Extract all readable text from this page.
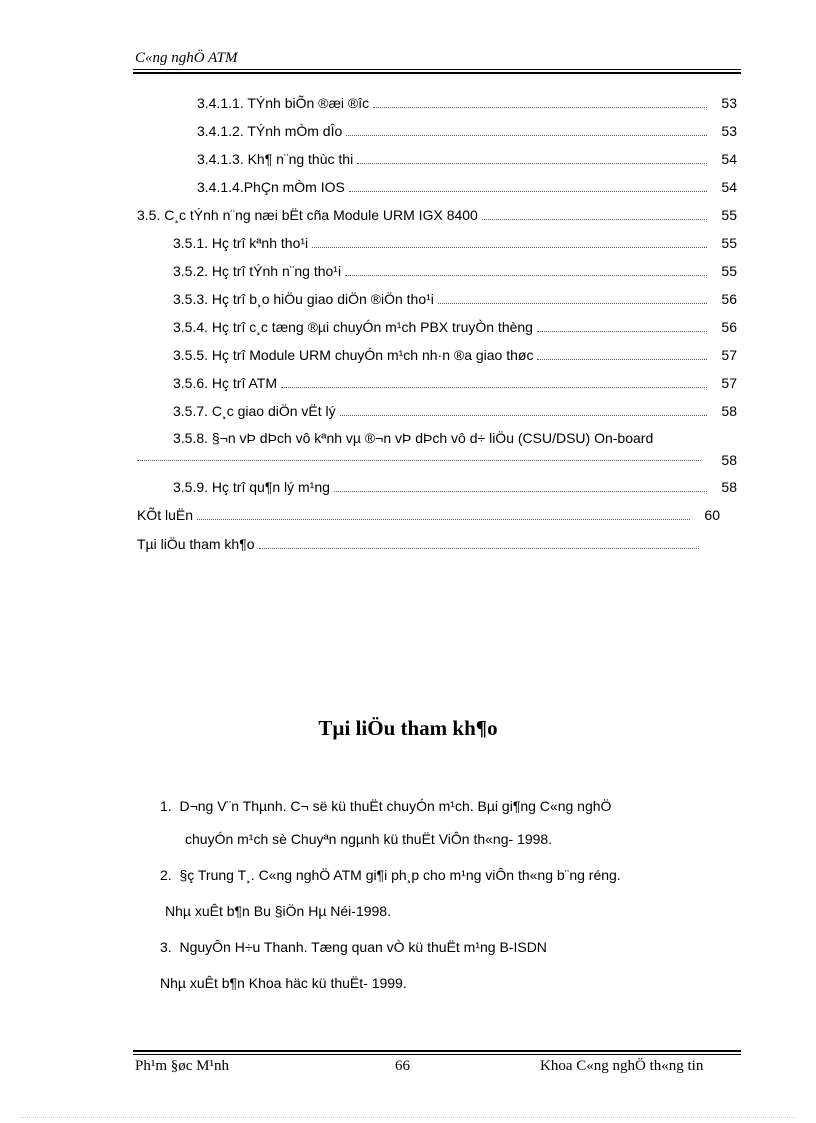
C«ng nghÖ ATM
3.4.1.1. TÝnh biÕn ®æi ®îc	53
3.4.1.2. TÝnh mÒm dÎo	53
3.4.1.3. Kh¶ n¨ng thùc thi	54
3.4.1.4.PhÇn mÒm IOS	54
3.5. C¸c tÝnh n¨ng næi bËt cña Module URM IGX 8400	55
3.5.1. Hç trî kªnh tho¹i	55
3.5.2. Hç trî tÝnh n¨ng tho¹i	55
3.5.3. Hç trî b¸o hiÖu giao diÖn ®iÖn tho¹i	56
3.5.4. Hç trî c¸c tæng ®µi chuyÓn m¹ch PBX truyÒn thèng	56
3.5.5. Hç trî Module URM chuyÓn m¹ch nh·n ®a giao thøc	57
3.5.6. Hç trî ATM	57
3.5.7. C¸c giao diÖn vËt lý	58
3.5.8. §¬n vÞ dÞch vô kªnh vµ ®¬n vÞ dÞch vô d÷ liÖu (CSU/DSU) On-board
58
3.5.9. Hç trî qu¶n lý m¹ng	58
KÕt luËn	60
Tµi liÖu tham kh¶o
Tµi liÖu tham kh¶o
1. D¬ng V¨n Thµnh. C¬ së kü thuËt chuyÓn m¹ch. Bµi gi¶ng C«ng nghÖ
chuyÓn m¹ch sè Chuyªn ngµnh kü thuËt ViÔn th«ng- 1998.
2. §ç Trung T¸. C«ng nghÖ ATM gi¶i ph¸p cho m¹ng viÔn th«ng b¨ng réng.
Nhµ xuÊt b¶n Bu §iÖn Hµ Néi-1998.
3. NguyÔn H÷u Thanh. Tæng quan vÒ kü thuËt m¹ng B-ISDN
Nhµ xuÊt b¶n Khoa häc kü thuËt- 1999.
Ph¹m §øc M¹nh	66	Khoa C«ng nghÖ th«ng tin
